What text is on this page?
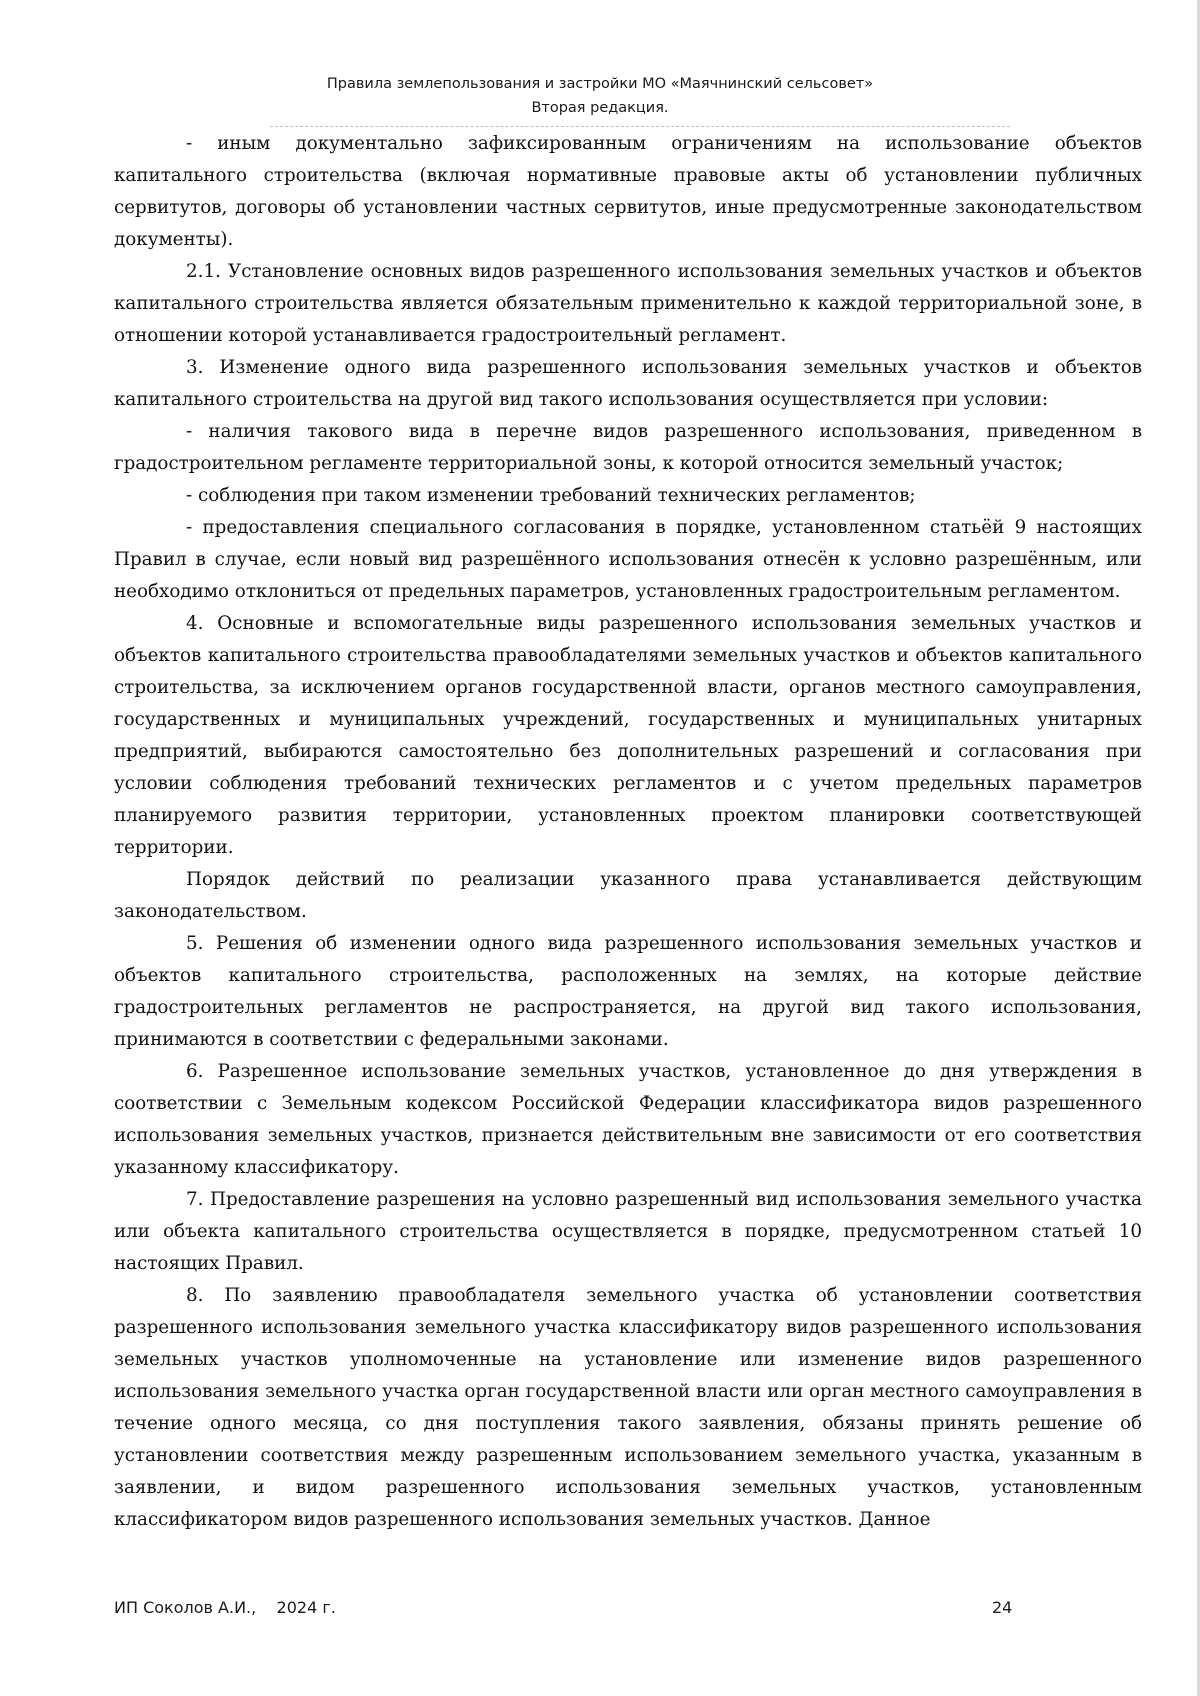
Правила землепользования и застройки МО «Маячнинский сельсовет»
Вторая редакция.

- иным документально зафиксированным ограничениям на использование объектов капитального строительства (включая нормативные правовые акты об установлении публичных сервитутов, договоры об установлении частных сервитутов, иные предусмотренные законодательством документы).

2.1. Установление основных видов разрешенного использования земельных участков и объектов капитального строительства является обязательным применительно к каждой территориальной зоне, в отношении которой устанавливается градостроительный регламент.

3. Изменение одного вида разрешенного использования земельных участков и объектов капитального строительства на другой вид такого использования осуществляется при условии:

- наличия таковог​о вида в перечне видов разрешенного использования, приведенном в градостроительном регламенте территориальной зоны, к которой относится земельный участок;

- соблюдения при таком изменении требований технических регламентов;

- предоставления специального согласования в порядке, установленном статьёй 9 настоящих Правил в случае, если новый вид разрешённого использования отнесён к условно разрешённым, или необходимо отклониться от предельных параметров, установленных градостроительным регламентом.

4. Основные и вспомогательные виды разрешенного использования земельных участков и объектов капитального строительства правообладателями земельных участков и объектов капитального строительства, за исключением органов государственной власти, органов местного самоуправления, государственных и муниципальных учреждений, государственных и муниципальных унитарных предприятий, выбираются самостоятельно без дополнительных разрешений и согласования при условии соблюдения требований технических регламентов и с учетом предельных параметров планируемого развития территории, установленных проектом планировки соответствующей территории.

Порядок действий по реализации указанного права устанавливается действующим законодательством.

5. Решения об изменении одного вида разрешенного использования земельных участков и объектов капитального строительства, расположенных на землях, на которые действие градостроительных регламентов не распространяется, на другой вид такого использования, принимаются в соответствии с федеральными законами.

6. Разрешенное использование земельных участков, установленное до дня утверждения в соответствии с Земельным кодексом Российской Федерации классификатора видов разрешенного использования земельных участков, признается действительным вне зависимости от его соответствия указанному классификатору.

7. Предоставление разрешения на условно разрешенный вид использования земельного участка или объекта капитального строительства осуществляется в порядке, предусмотренном статьей 10 настоящих Правил.

8. По заявлению правообладателя земельного участка об установлении соответствия разрешенного использования земельного участка классификатору видов разрешенного использования земельных участков уполномоченные на установление или изменение видов разрешенного использования земельного участка орган государственной власти или орган местного самоуправления в течение одного месяца, со дня поступления такого заявления, обязаны принять решение об установлении соответствия между разрешенным использованием земельного участка, указанным в заявлении, и видом разрешенного использования земельных участков, установленным классификатором видов разрешенного использования земельных участков. Данное

ИП Соколов А.И.,    2024 г.	24
